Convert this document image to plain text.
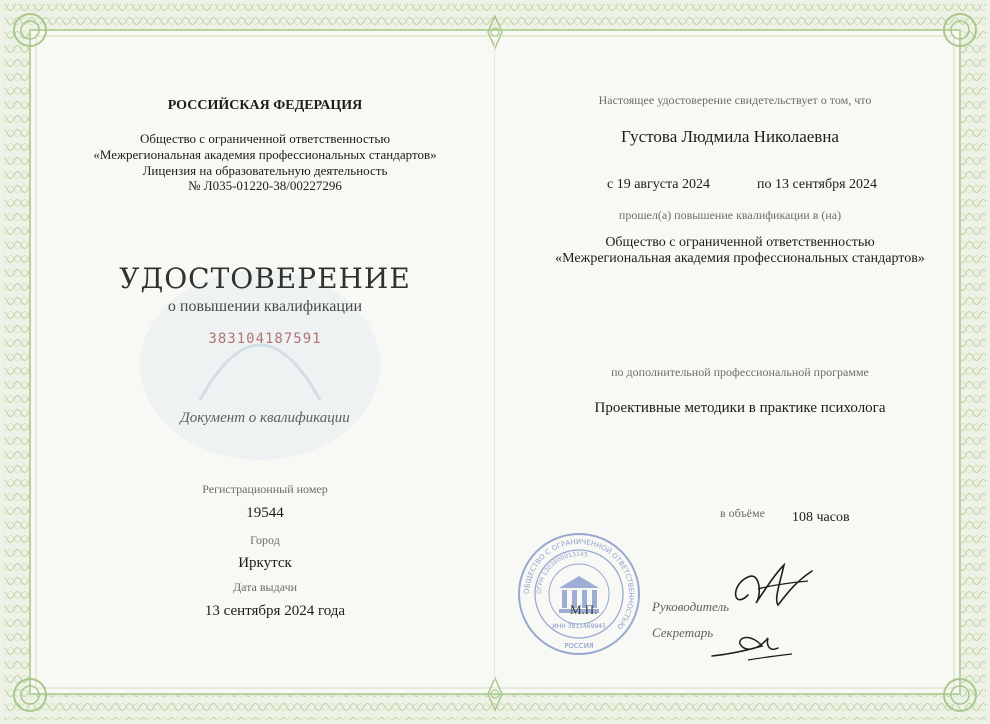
РОССИЙСКАЯ ФЕДЕРАЦИЯ
Общество с ограниченной ответственностью
«Межрегиональная академия профессиональных стандартов»
Лицензия на образовательную деятельность
№ Л035-01220-38/00227296
УДОСТОВЕРЕНИЕ
о повышении квалификации
383104187591
Документ о квалификации
Регистрационный номер
19544
Город
Иркутск
Дата выдачи
13 сентября 2024 года
Настоящее удостоверение свидетельствует о том, что
Густова Людмила Николаевна
с 19 августа 2024	по 13 сентября 2024
прошел(а) повышение квалификации в (на)
Общество с ограниченной ответственностью
«Межрегиональная академия профессиональных стандартов»
по дополнительной профессиональной программе
Проективные методики в практике психолога
в объёме 108 часов
ОБЩЕСТВО С ОГРАНИЧЕННОЙ ОТВЕТСТВЕННОСТЬЮ
ОГРН 1203800013145
ИНН 3811469945
РОССИЯ
М.П.	Руководитель
Секретарь
